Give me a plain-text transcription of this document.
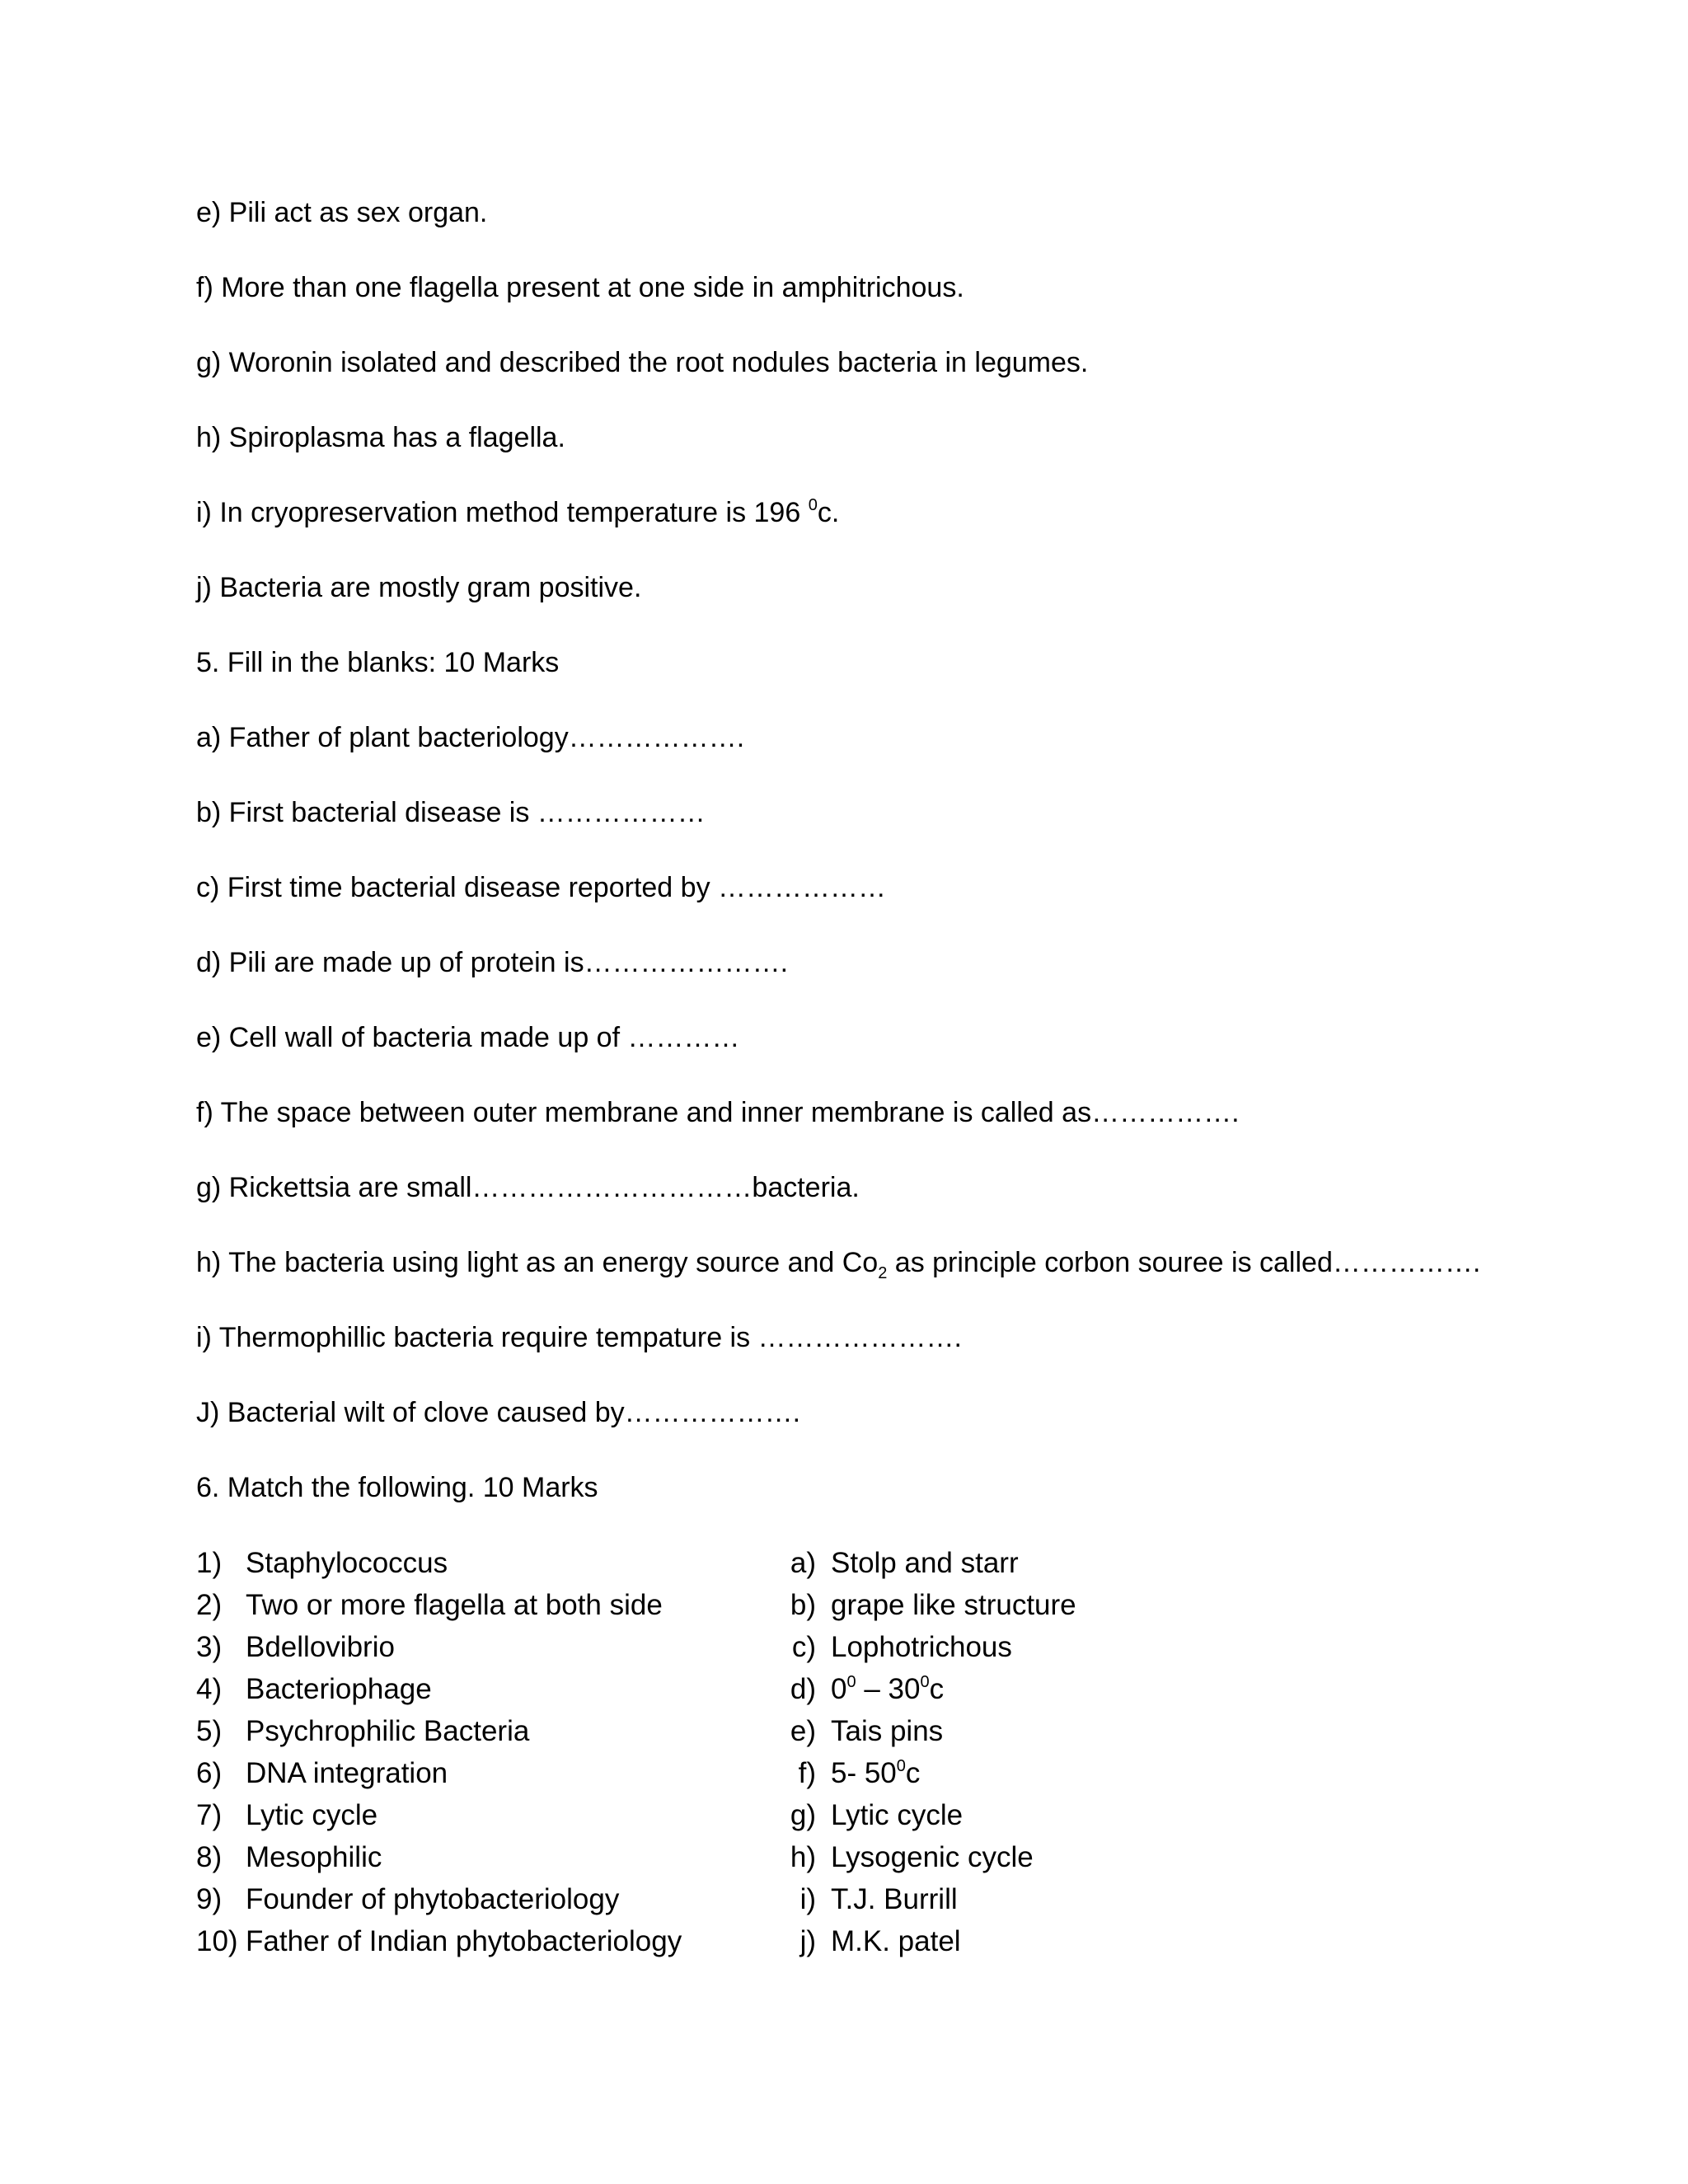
e) Pili act as sex organ.

f) More than one flagella present at one side in amphitrichous.

g) Woronin isolated and described the root nodules bacteria in legumes.

h) Spiroplasma has a flagella.

i) In cryopreservation method temperature is 196 $^0$c.

j) Bacteria are mostly gram positive.

5. Fill in the blanks: 10 Marks

a) Father of plant bacteriology……………….

b) First bacterial disease is ………………

c) First time bacterial disease reported by ………………

d) Pili are made up of protein is………………….

e) Cell wall of bacteria made up of …………

f) The space between outer membrane and inner membrane is called as…………….

g) Rickettsia are small…………………………bacteria.

h) The bacteria using light as an energy source and $Co_2$ as principle corbon souree is called…………….

i) Thermophillic bacteria require tempature is ………………….

J) Bacterial wilt of clove caused by……………….

6. Match the following. 10 Marks

1) Staphylococcus	a) Stolp and starr
2) Two or more flagella at both side	b) grape like structure
3) Bdellovibrio	c) Lophotrichous
4) Bacteriophage	d) $0^0 - 30^0c$
5) Psychrophilic Bacteria	e) Tais pins
6) DNA integration	f) 5- $50^0c$
7) Lytic cycle	g) Lytic cycle
8) Mesophilic	h) Lysogenic cycle
9) Founder of phytobacteriology	i) T.J. Burrill
10) Father of Indian phytobacteriology	j) M.K. patel
